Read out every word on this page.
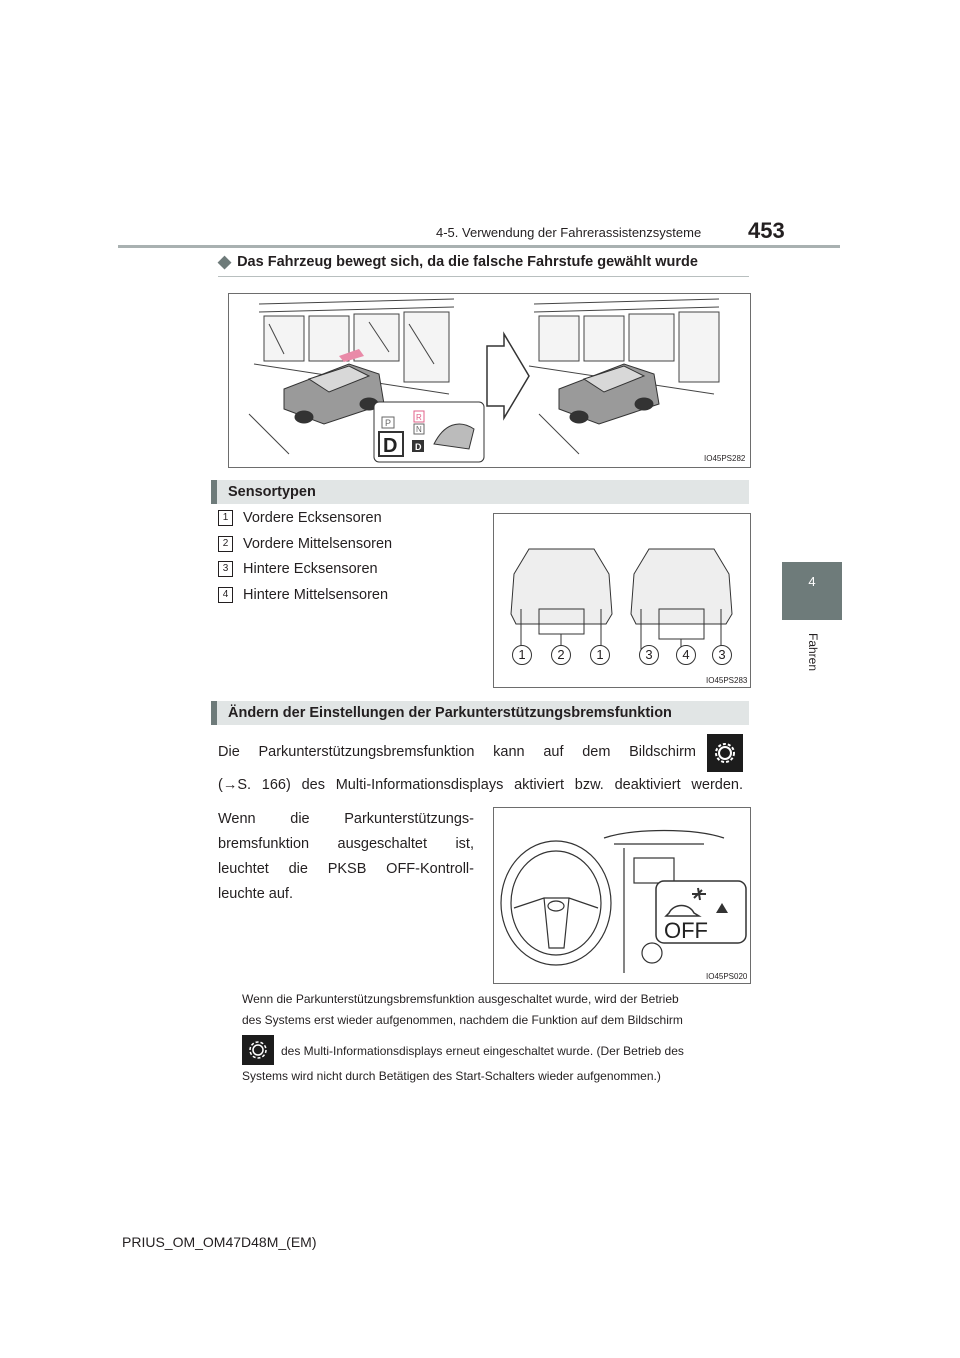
4-5. Verwendung der Fahrerassistenzsysteme 453
4
Fahren
◆ Das Fahrzeug bewegt sich, da die falsche Fahrstufe gewählt wurde
P
R
N
D D
IO45PS282
Sensortypen
1 Vordere Ecksensoren
2 Vordere Mittelsensoren
3 Hintere Ecksensoren
4 Hintere Mittelsensoren
1	2	1	3	4	3
IO45PS283
Ändern der Einstellungen der Parkunterstützungsbremsfunktion
Die Parkunterstützungsbremsfunktion kann auf dem Bildschirm
(→S. 166) des Multi-Informationsdisplays aktiviert bzw. deaktiviert werden.
Wenn die Parkunterstützungs-
bremsfunktion ausgeschaltet ist,
leuchtet die PKSB OFF-Kontroll-
leuchte auf.
OFF
IO45PS020
Wenn die Parkunterstützungsbremsfunktion ausgeschaltet wurde, wird der Betrieb
des Systems erst wieder aufgenommen, nachdem die Funktion auf dem Bildschirm
des Multi-Informationsdisplays erneut eingeschaltet wurde. (Der Betrieb des
Systems wird nicht durch Betätigen des Start-Schalters wieder aufgenommen.)
PRIUS_OM_OM47D48M_(EM)
